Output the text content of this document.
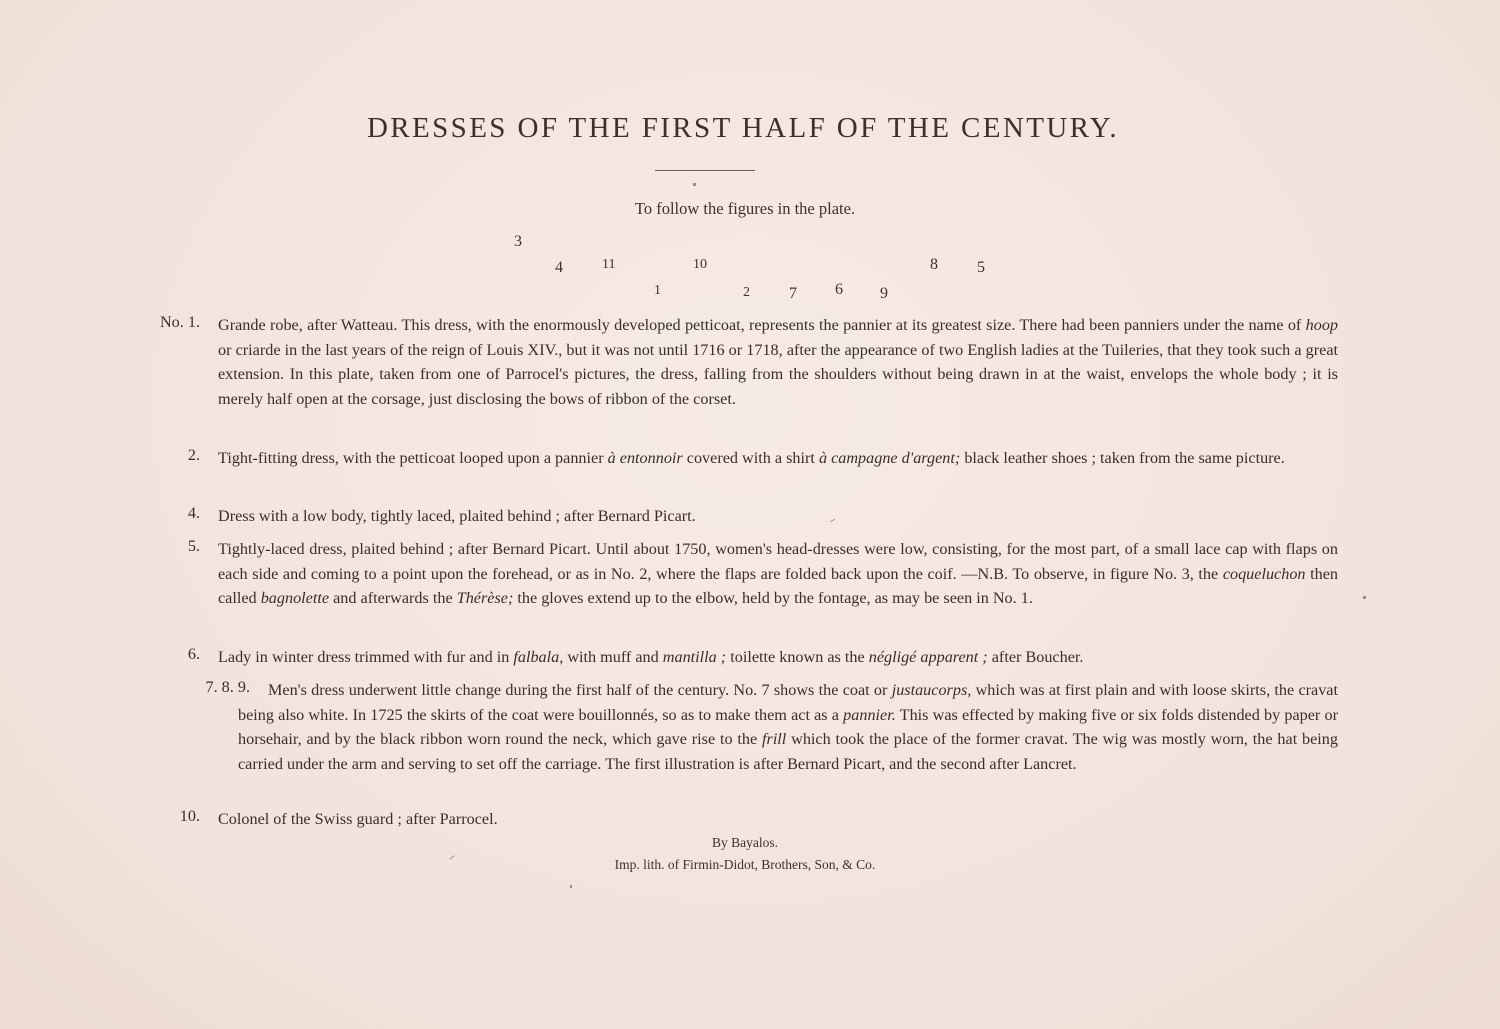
DRESSES OF THE FIRST HALF OF THE CENTURY.
To follow the figures in the plate.
3
4	11	10	8 5
1	2 7 6 9
No. 1. Grande robe, after Watteau. This dress, with the enormously developed petticoat, represents the pannier at its greatest size. There had been panniers under the name of hoop or criarde in the last years of the reign of Louis XIV., but it was not until 1716 or 1718, after the appearance of two English ladies at the Tuileries, that they took such a great extension. In this plate, taken from one of Parrocel's pictures, the dress, falling from the shoulders without being drawn in at the waist, envelops the whole body ; it is merely half open at the corsage, just disclosing the bows of ribbon of the corset.
2. Tight-fitting dress, with the petticoat looped upon a pannier à entonnoir covered with a shirt à campagne d'argent; black leather shoes ; taken from the same picture.
4. Dress with a low body, tightly laced, plaited behind ; after Bernard Picart.
5. Tightly-laced dress, plaited behind ; after Bernard Picart. Until about 1750, women's head-dresses were low, consisting, for the most part, of a small lace cap with flaps on each side and coming to a point upon the forehead, or as in No. 2, where the flaps are folded back upon the coif. —N.B. To observe, in figure No. 3, the coqueluchon then called bagnolette and afterwards the Thérèse; the gloves extend up to the elbow, held by the fontage, as may be seen in No. 1.
6. Lady in winter dress trimmed with fur and in falbala, with muff and mantilla ; toilette known as the négligé apparent ; after Boucher.
7. 8. 9.	Men's dress underwent little change during the first half of the century. No. 7 shows the coat or justaucorps, which was at first plain and with loose skirts, the cravat being also white. In 1725 the skirts of the coat were bouillonnés, so as to make them act as a pannier. This was effected by making five or six folds distended by paper or horsehair, and by the black ribbon worn round the neck, which gave rise to the frill which took the place of the former cravat. The wig was mostly worn, the hat being carried under the arm and serving to set off the carriage. The first illustration is after Bernard Picart, and the second after Lancret.
10. Colonel of the Swiss guard ; after Parrocel.
By Bayalos.
Imp. lith. of Firmin-Didot, Brothers, Son, & Co.
